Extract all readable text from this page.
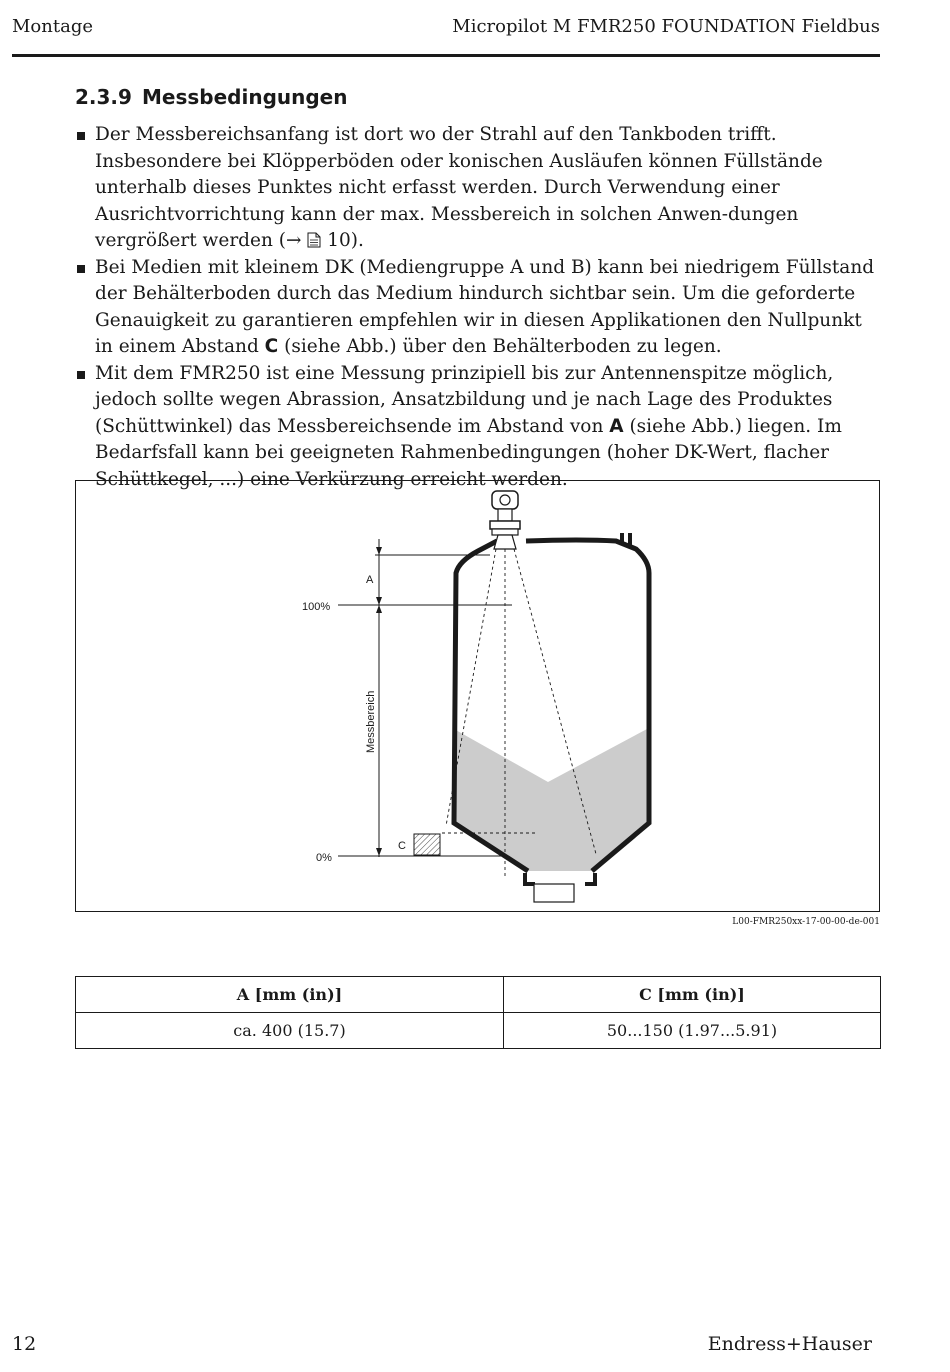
Montage	Micropilot M FMR250 FOUNDATION Fieldbus
2.3.9 Messbedingungen
Der Messbereichsanfang ist dort wo der Strahl auf den Tankboden trifft. Insbesondere bei Klöpperböden oder konischen Ausläufen können Füllstände unterhalb dieses Punktes nicht erfasst werden. Durch Verwendung einer Ausrichtvorrichtung kann der max. Messbereich in solchen Anwen-dungen vergrößert werden (→  10).
Bei Medien mit kleinem DK (Mediengruppe A und B) kann bei niedrigem Füllstand der Behälterboden durch das Medium hindurch sichtbar sein. Um die geforderte Genauigkeit zu garantieren empfehlen wir in diesen Applikationen den Nullpunkt in einem Abstand C (siehe Abb.) über den Behälterboden zu legen.
Mit dem FMR250 ist eine Messung prinzipiell bis zur Antennenspitze möglich, jedoch sollte wegen Abrassion, Ansatzbildung und je nach Lage des Produktes (Schüttwinkel) das Messbereichsende im Abstand von A (siehe Abb.) liegen. Im Bedarfsfall kann bei geeigneten Rahmenbedingungen (hoher DK-Wert, flacher Schüttkegel, ...) eine Verkürzung erreicht werden.
A
100%
Messbereich
C
0%
L00-FMR250xx-17-00-00-de-001
A [mm (in)]	C [mm (in)]
ca. 400 (15.7)	50...150 (1.97...5.91)
12	Endress+Hauser
